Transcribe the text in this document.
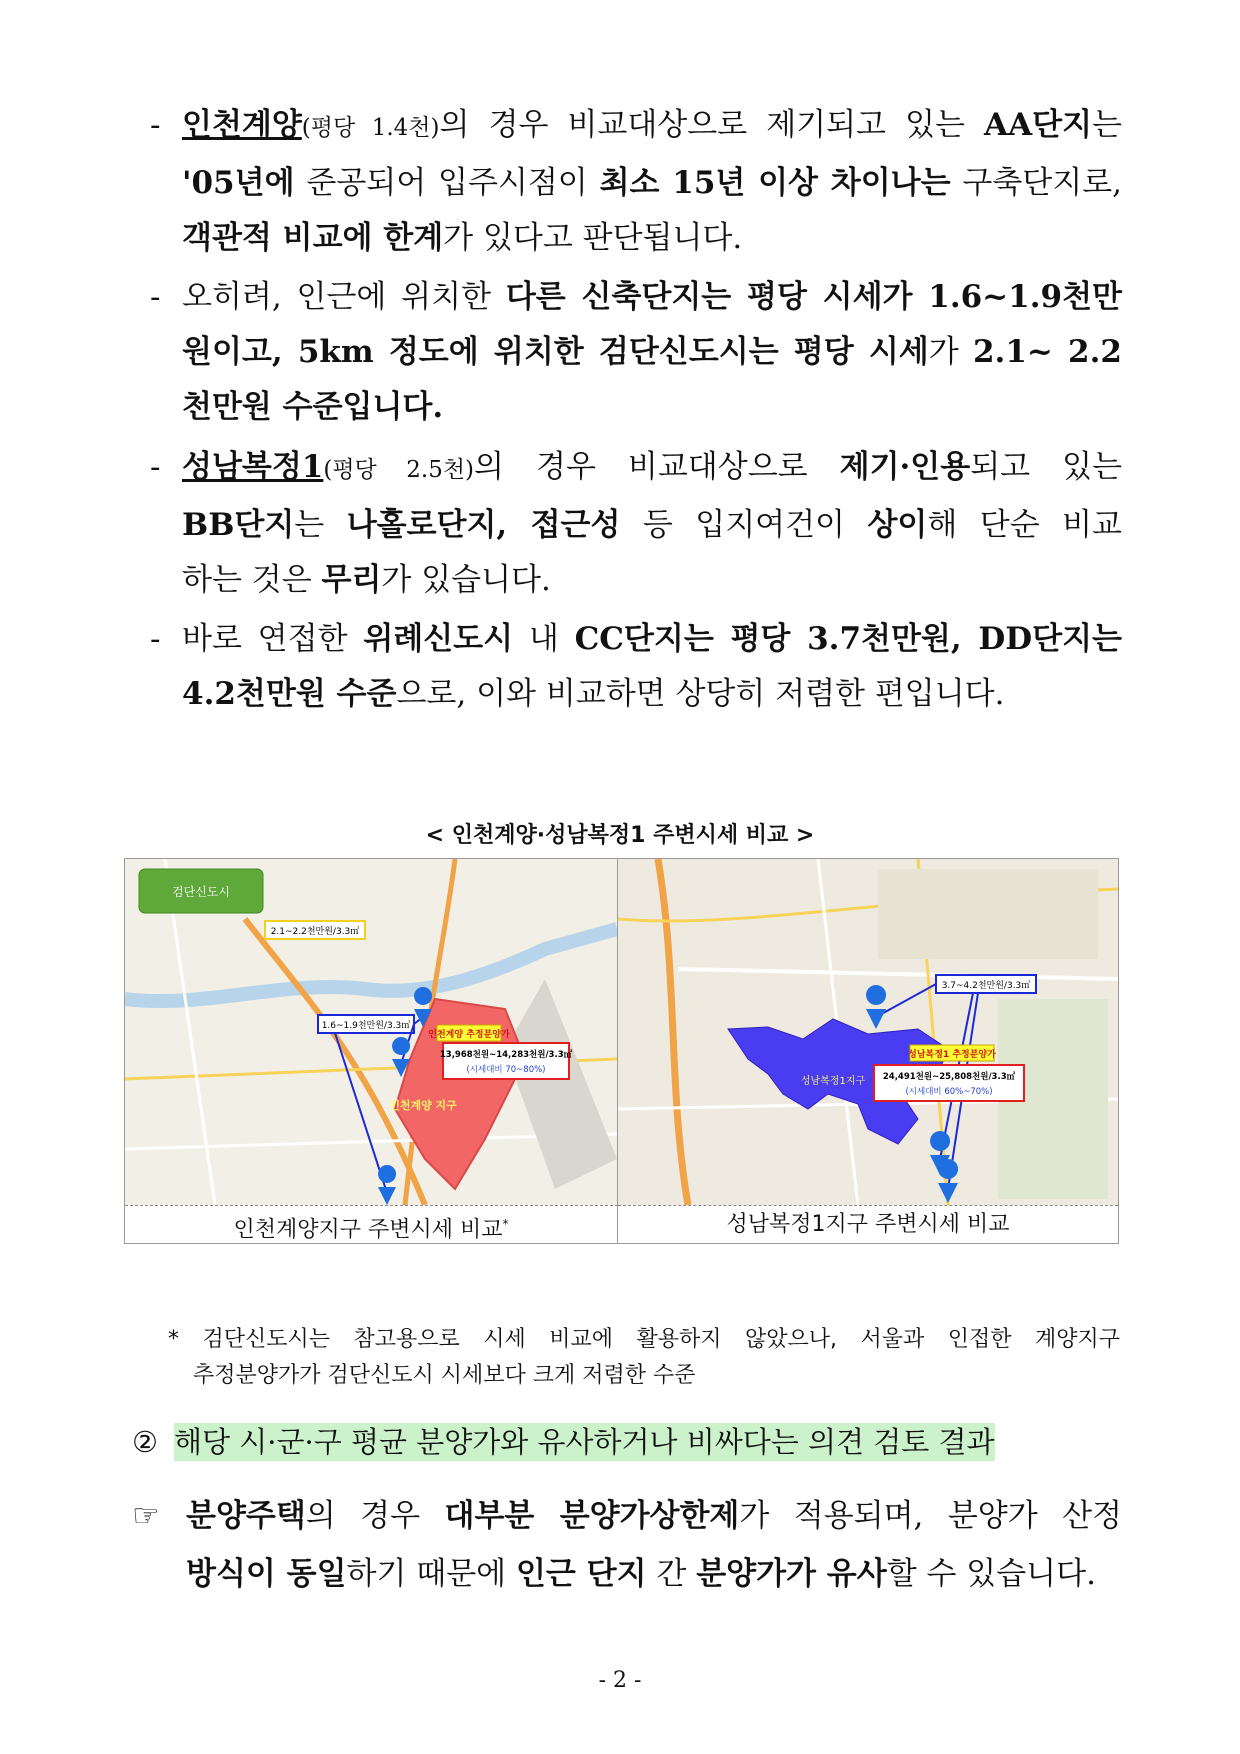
- 인천계양(평당 1.4천)의 경우 비교대상으로 제기되고 있는 AA단지는
'05년에 준공되어 입주시점이 최소 15년 이상 차이나는 구축단지로,
객관적 비교에 한계가 있다고 판단됩니다.
- 오히려, 인근에 위치한 다른 신축단지는 평당 시세가 1.6~1.9천만
원이고, 5km 정도에 위치한 검단신도시는 평당 시세가 2.1~ 2.2
천만원 수준입니다.
- 성남복정1(평당 2.5천)의 경우 비교대상으로 제기·인용되고 있는
BB단지는 나홀로단지, 접근성 등 입지여건이 상이해 단순 비교
하는 것은 무리가 있습니다.
- 바로 연접한 위례신도시 내 CC단지는 평당 3.7천만원, DD단지는
4.2천만원 수준으로, 이와 비교하면 상당히 저렴한 편입니다.
< 인천계양·성남복정1 주변시세 비교 >
인천계양 지구
검단신도시
2.1~2.2천만원/3.3㎡
1.6~1.9천만원/3.3㎡
인천계양 추정분양가
13,968천원~14,283천원/3.3㎡
(시세대비 70~80%)
성남복정1지구
3.7~4.2천만원/3.3㎡
성남복정1 추정분양가
24,491천원~25,808천원/3.3㎡
(시세대비 60%~70%)
인천계양지구 주변시세 비교*	성남복정1지구 주변시세 비교
* 검단신도시는 참고용으로 시세 비교에 활용하지 않았으나, 서울과 인접한 계양지구
추정분양가가 검단신도시 시세보다 크게 저렴한 수준
② 해당 시·군·구 평균 분양가와 유사하거나 비싸다는 의견 검토 결과
☞ 분양주택의 경우 대부분 분양가상한제가 적용되며, 분양가 산정
방식이 동일하기 때문에 인근 단지 간 분양가가 유사할 수 있습니다.
- 2 -
